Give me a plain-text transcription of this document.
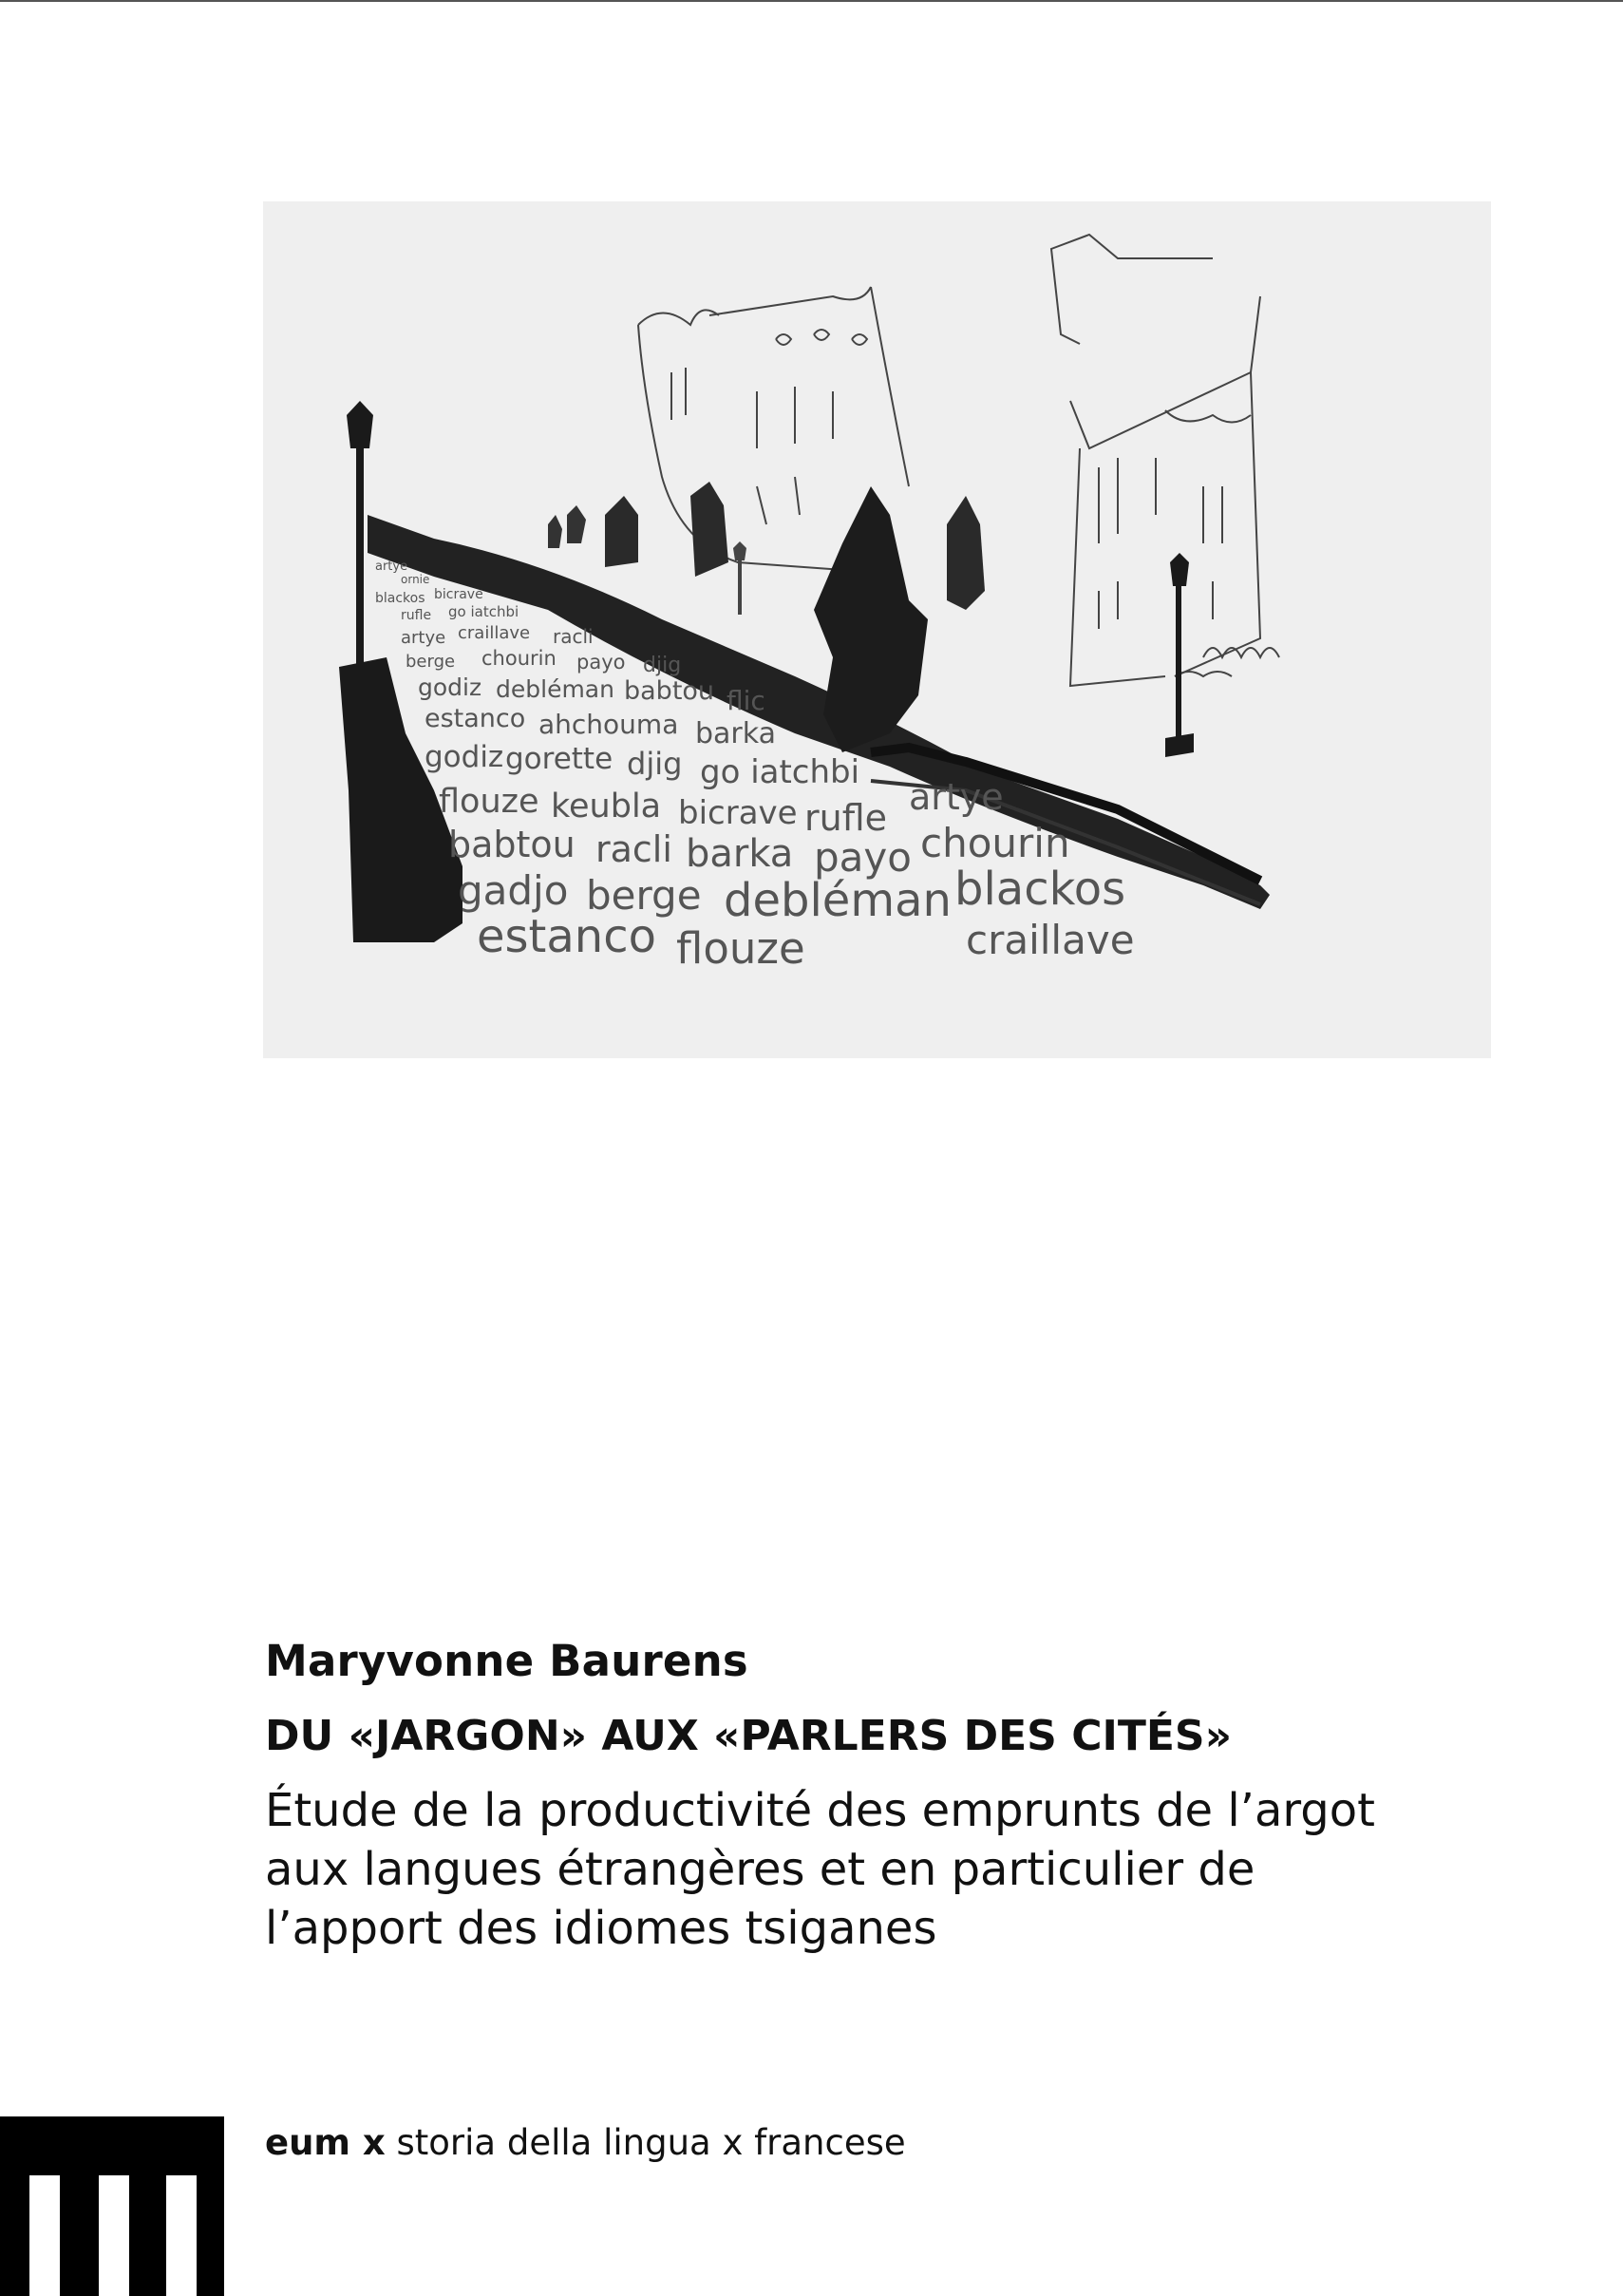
artye
ornie
bicrave
blackos
go iatchbi
rufle
artye craillave racli
berge chourin payo djig
godiz debléman babtou flic
estanco ahchouma barka
godiz gorette djig go iatchbi
flouze keubla bicrave rufle artye
babtou racli barka payo chourin
gadjo berge debléman blackos
estanco flouze	craillave
Maryvonne Baurens
DU «JARGON» AUX «PARLERS DES CITÉS»
Étude de la productivité des emprunts de l’argot
aux langues étrangères et en particulier de
l’apport des idiomes tsiganes
eum x storia della lingua x francese
